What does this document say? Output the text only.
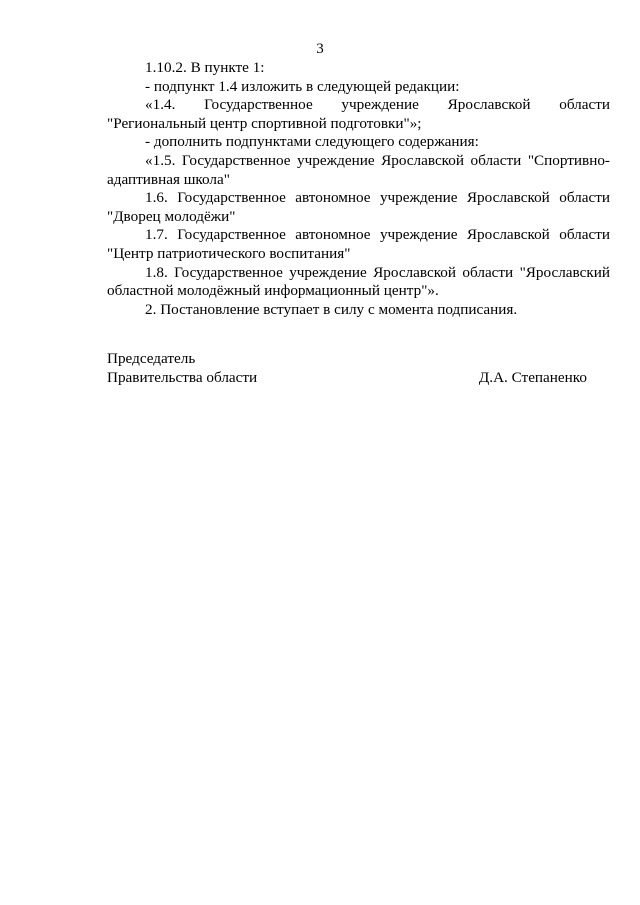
3

1.10.2. В пункте 1:

- подпункт 1.4 изложить в следующей редакции:

«1.4. Государственное учреждение Ярославской области "Региональный центр спортивной подготовки"»;

- дополнить подпунктами следующего содержания:

«1.5. Государственное учреждение Ярославской области "Спортивно-адаптивная школа"

1.6. Государственное автономное учреждение Ярославской области "Дворец молодёжи"

1.7. Государственное автономное учреждение Ярославской области "Центр патриотического воспитания"

1.8. Государственное учреждение Ярославской области "Ярославский областной молодёжный информационный центр"».

2. Постановление вступает в силу с момента подписания.

Председатель
Правительства области	Д.А. Степаненко
